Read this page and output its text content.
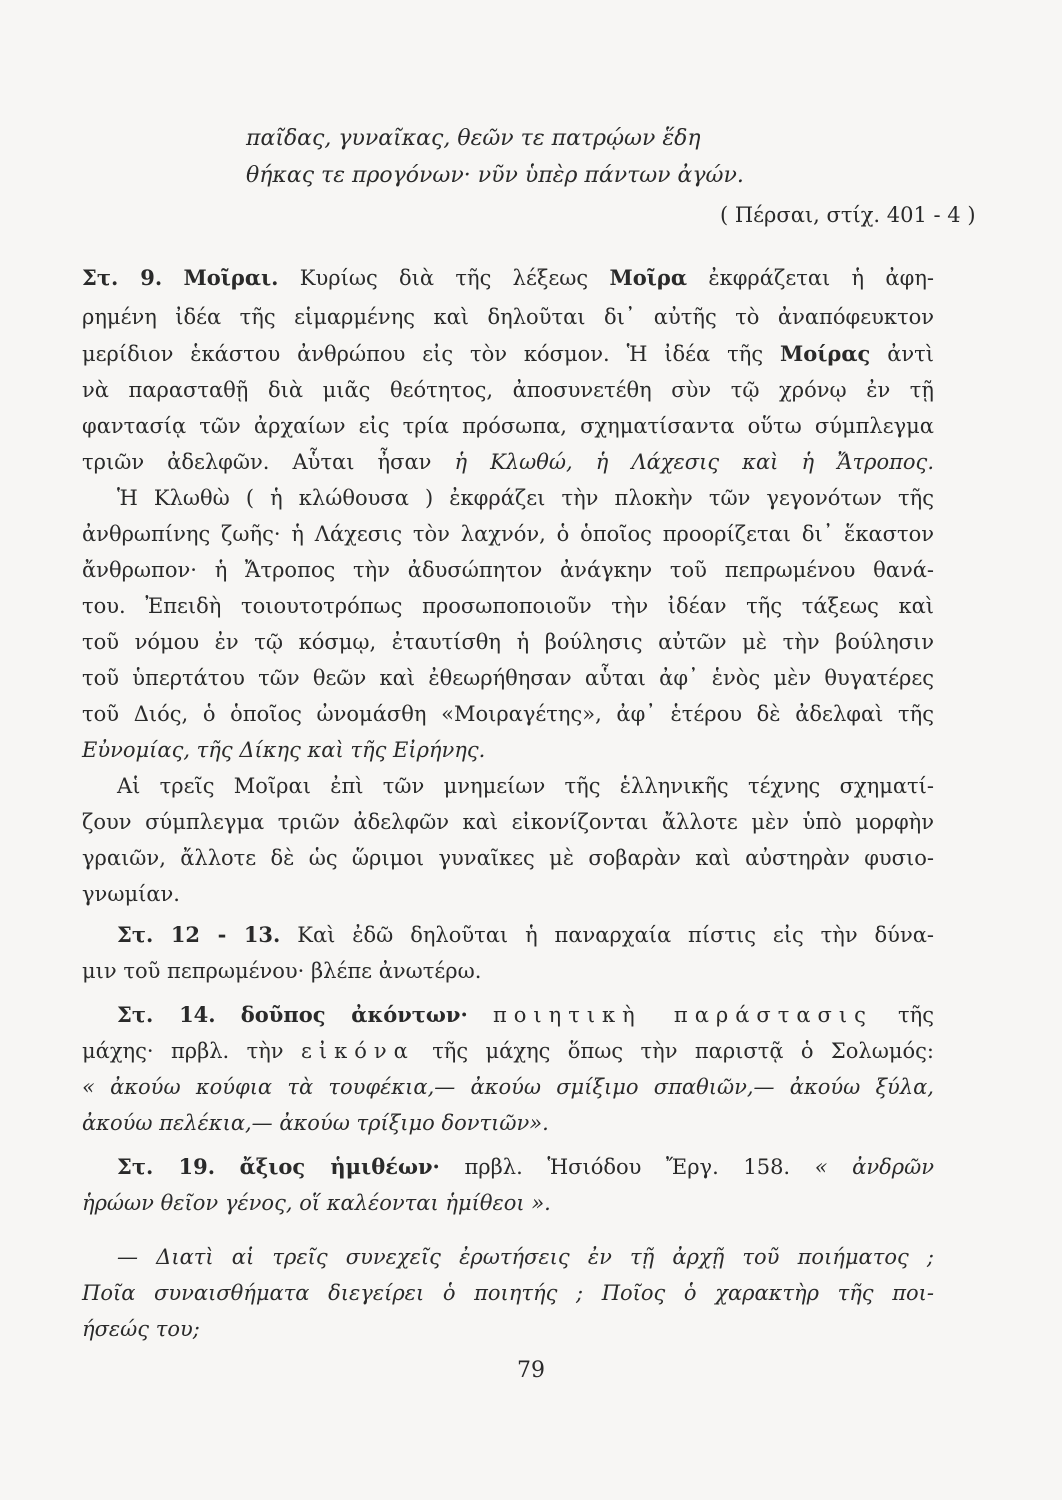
παῖδας, γυναῖκας, θεῶν τε πατρῴων ἕδη
θήκας τε προγόνων· νῦν ὑπὲρ πάντων ἀγών.
( Πέρσαι, στίχ. 401 - 4 )
Στ. 9. Μοῖραι. Κυρίως διὰ τῆς λέξεως Μοῖρα ἐκφράζεται ἡ ἀφη-
ρημένη ἰδέα τῆς εἱμαρμένης καὶ δηλοῦται δι᾽ αὐτῆς τὸ ἀναπόφευκτον
μερίδιον ἑκάστου ἀνθρώπου εἰς τὸν κόσμον. Ἡ ἰδέα τῆς Μοίρας ἀντὶ
νὰ παρασταθῇ διὰ μιᾶς θεότητος, ἀποσυνετέθη σὺν τῷ χρόνῳ ἐν τῇ
φαντασίᾳ τῶν ἀρχαίων εἰς τρία πρόσωπα, σχηματίσαντα οὕτω σύμπλεγμα
τριῶν ἀδελφῶν. Αὗται ἦσαν ἡ Κλωθώ, ἡ Λάχεσις καὶ ἡ Ἄτροπος.
Ἡ Κλωθὼ ( ἡ κλώθουσα ) ἐκφράζει τὴν πλοκὴν τῶν γεγονότων τῆς
ἀνθρωπίνης ζωῆς· ἡ Λάχεσις τὸν λαχνόν, ὁ ὁποῖος προορίζεται δι᾽ ἕκαστον
ἄνθρωπον· ἡ Ἄτροπος τὴν ἀδυσώπητον ἀνάγκην τοῦ πεπρωμένου θανά-
του. Ἐπειδὴ τοιουτοτρόπως προσωποποιοῦν τὴν ἰδέαν τῆς τάξεως καὶ
τοῦ νόμου ἐν τῷ κόσμῳ, ἐταυτίσθη ἡ βούλησις αὐτῶν μὲ τὴν βούλησιν
τοῦ ὑπερτάτου τῶν θεῶν καὶ ἐθεωρήθησαν αὗται ἀφ᾽ ἑνὸς μὲν θυγατέρες
τοῦ Διός, ὁ ὁποῖος ὠνομάσθη «Μοιραγέτης», ἀφ᾽ ἑτέρου δὲ ἀδελφαὶ τῆς
Εὐνομίας, τῆς Δίκης καὶ τῆς Εἰρήνης.
Αἱ τρεῖς Μοῖραι ἐπὶ τῶν μνημείων τῆς ἑλληνικῆς τέχνης σχηματί-
ζουν σύμπλεγμα τριῶν ἀδελφῶν καὶ εἰκονίζονται ἄλλοτε μὲν ὑπὸ μορφὴν
γραιῶν, ἄλλοτε δὲ ὡς ὥριμοι γυναῖκες μὲ σοβαρὰν καὶ αὐστηρὰν φυσιο-
γνωμίαν.
Στ. 12 - 13. Καὶ ἐδῶ δηλοῦται ἡ παναρχαία πίστις εἰς τὴν δύνα-
μιν τοῦ πεπρωμένου· βλέπε ἀνωτέρω.
Στ. 14. δοῦπος ἀκόντων· ποιητικὴ παράστασις τῆς
μάχης· πρβλ. τὴν εἰκόνα τῆς μάχης ὅπως τὴν παριστᾷ ὁ Σολωμός:
« ἀκούω κούφια τὰ τουφέκια,— ἀκούω σμίξιμο σπαθιῶν,— ἀκούω ξύλα,
ἀκούω πελέκια,— ἀκούω τρίξιμο δοντιῶν».
Στ. 19. ἄξιος ἡμιθέων· πρβλ. Ἡσιόδου Ἔργ. 158. « ἀνδρῶν
ἡρώων θεῖον γένος, οἵ καλέονται ἡμίθεοι ».
— Διατὶ αἱ τρεῖς συνεχεῖς ἐρωτήσεις ἐν τῇ ἀρχῇ τοῦ ποιήματος ;
Ποῖα συναισθήματα διεγείρει ὁ ποιητής ; Ποῖος ὁ χαρακτὴρ τῆς ποι-
ήσεώς του;
79
